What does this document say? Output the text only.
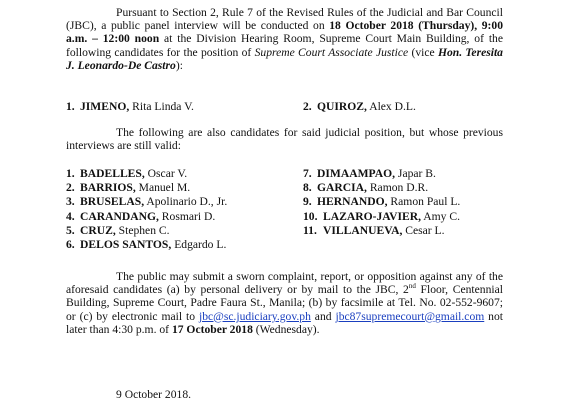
Pursuant to Section 2, Rule 7 of the Revised Rules of the Judicial and Bar Council (JBC), a public panel interview will be conducted on 18 October 2018 (Thursday), 9:00 a.m. – 12:00 noon at the Division Hearing Room, Supreme Court Main Building, of the following candidates for the position of Supreme Court Associate Justice (vice Hon. Teresita J. Leonardo-De Castro):

1. JIMENO, Rita Linda V.	2. QUIROZ, Alex D.L.

The following are also candidates for said judicial position, but whose previous interviews are still valid:

1. BADELLES, Oscar V.
2. BARRIOS, Manuel M.
3. BRUSELAS, Apolinario D., Jr.
4. CARANDANG, Rosmari D.
5. CRUZ, Stephen C.
6. DELOS SANTOS, Edgardo L.
7. DIMAAMPAO, Japar B.
8. GARCIA, Ramon D.R.
9. HERNANDO, Ramon Paul L.
10. LAZARO-JAVIER, Amy C.
11. VILLANUEVA, Cesar L.

The public may submit a sworn complaint, report, or opposition against any of the aforesaid candidates (a) by personal delivery or by mail to the JBC, 2nd Floor, Centennial Building, Supreme Court, Padre Faura St., Manila; (b) by facsimile at Tel. No. 02-552-9607; or (c) by electronic mail to jbc@sc.judiciary.gov.ph and jbc87supremecourt@gmail.com not later than 4:30 p.m. of 17 October 2018 (Wednesday).

9 October 2018.
